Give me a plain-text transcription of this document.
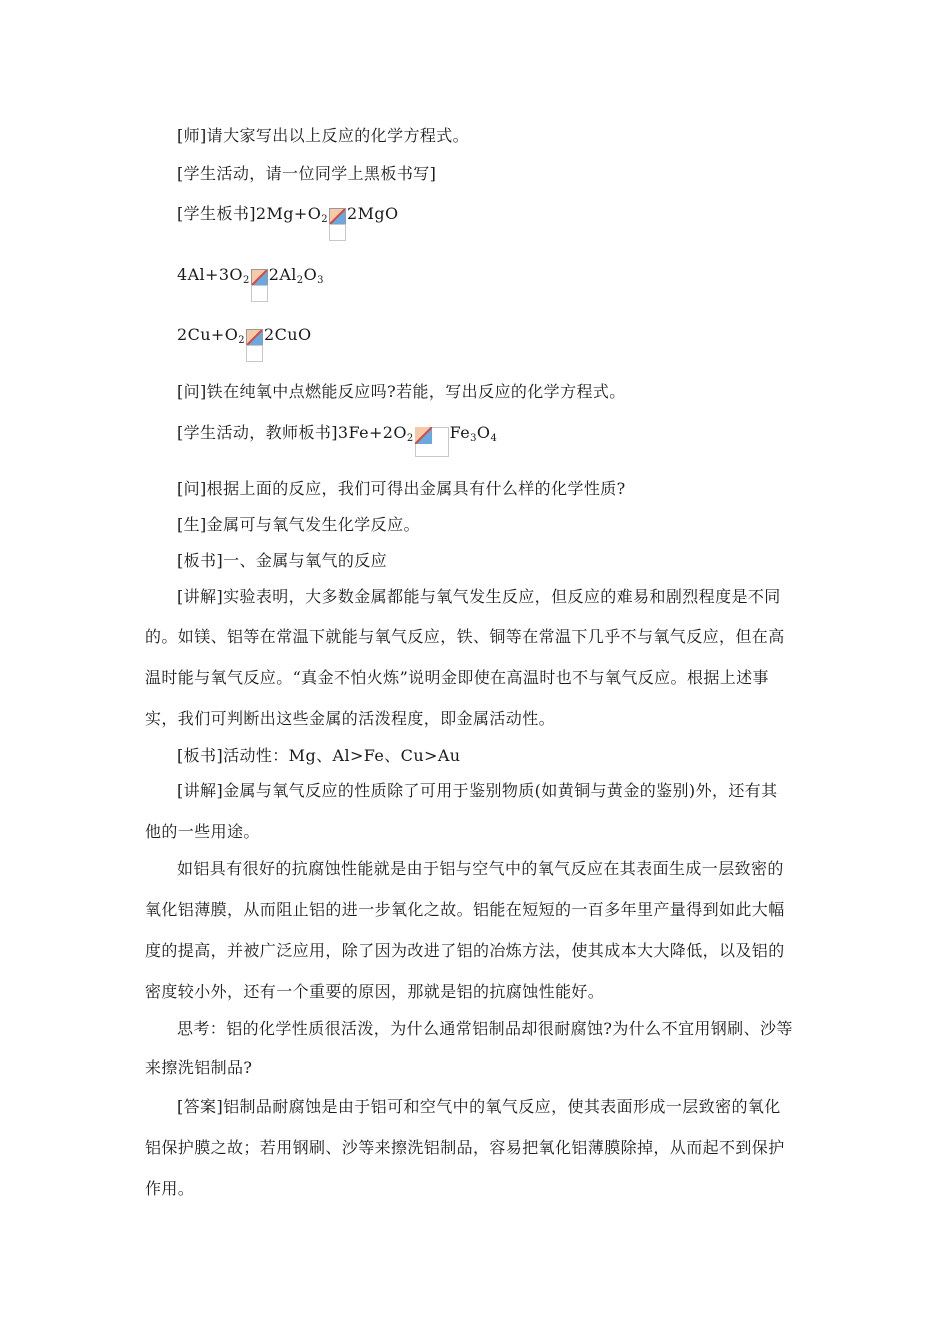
[师]请大家写出以上反应的化学方程式。
[学生活动，请一位同学上黑板书写]
[学生板书]$2Mg+O_2$ 2MgO
$4Al+3O_2$ $2Al_2O_3$
$2Cu+O_2$ 2CuO
[问]铁在纯氧中点燃能反应吗?若能，写出反应的化学方程式。
[学生活动，教师板书]$3Fe+2O_2$ $Fe_3O_4$
[问]根据上面的反应，我们可得出金属具有什么样的化学性质?
[生]金属可与氧气发生化学反应。
[板书]一、金属与氧气的反应
[讲解]实验表明，大多数金属都能与氧气发生反应，但反应的难易和剧烈程度是不同
的。如镁、铝等在常温下就能与氧气反应，铁、铜等在常温下几乎不与氧气反应，但在高
温时能与氧气反应。“真金不怕火炼”说明金即使在高温时也不与氧气反应。根据上述事
实，我们可判断出这些金属的活泼程度，即金属活动性。
[板书]活动性：Mg、Al>Fe、Cu>Au
[讲解]金属与氧气反应的性质除了可用于鉴别物质(如黄铜与黄金的鉴别)外，还有其
他的一些用途。
如铝具有很好的抗腐蚀性能就是由于铝与空气中的氧气反应在其表面生成一层致密的
氧化铝薄膜，从而阻止铝的进一步氧化之故。铝能在短短的一百多年里产量得到如此大幅
度的提高，并被广泛应用，除了因为改进了铝的冶炼方法，使其成本大大降低，以及铝的
密度较小外，还有一个重要的原因，那就是铝的抗腐蚀性能好。
思考：铝的化学性质很活泼，为什么通常铝制品却很耐腐蚀?为什么不宜用钢刷、沙等
来擦洗铝制品?
[答案]铝制品耐腐蚀是由于铝可和空气中的氧气反应，使其表面形成一层致密的氧化
铝保护膜之故；若用钢刷、沙等来擦洗铝制品，容易把氧化铝薄膜除掉，从而起不到保护
作用。
